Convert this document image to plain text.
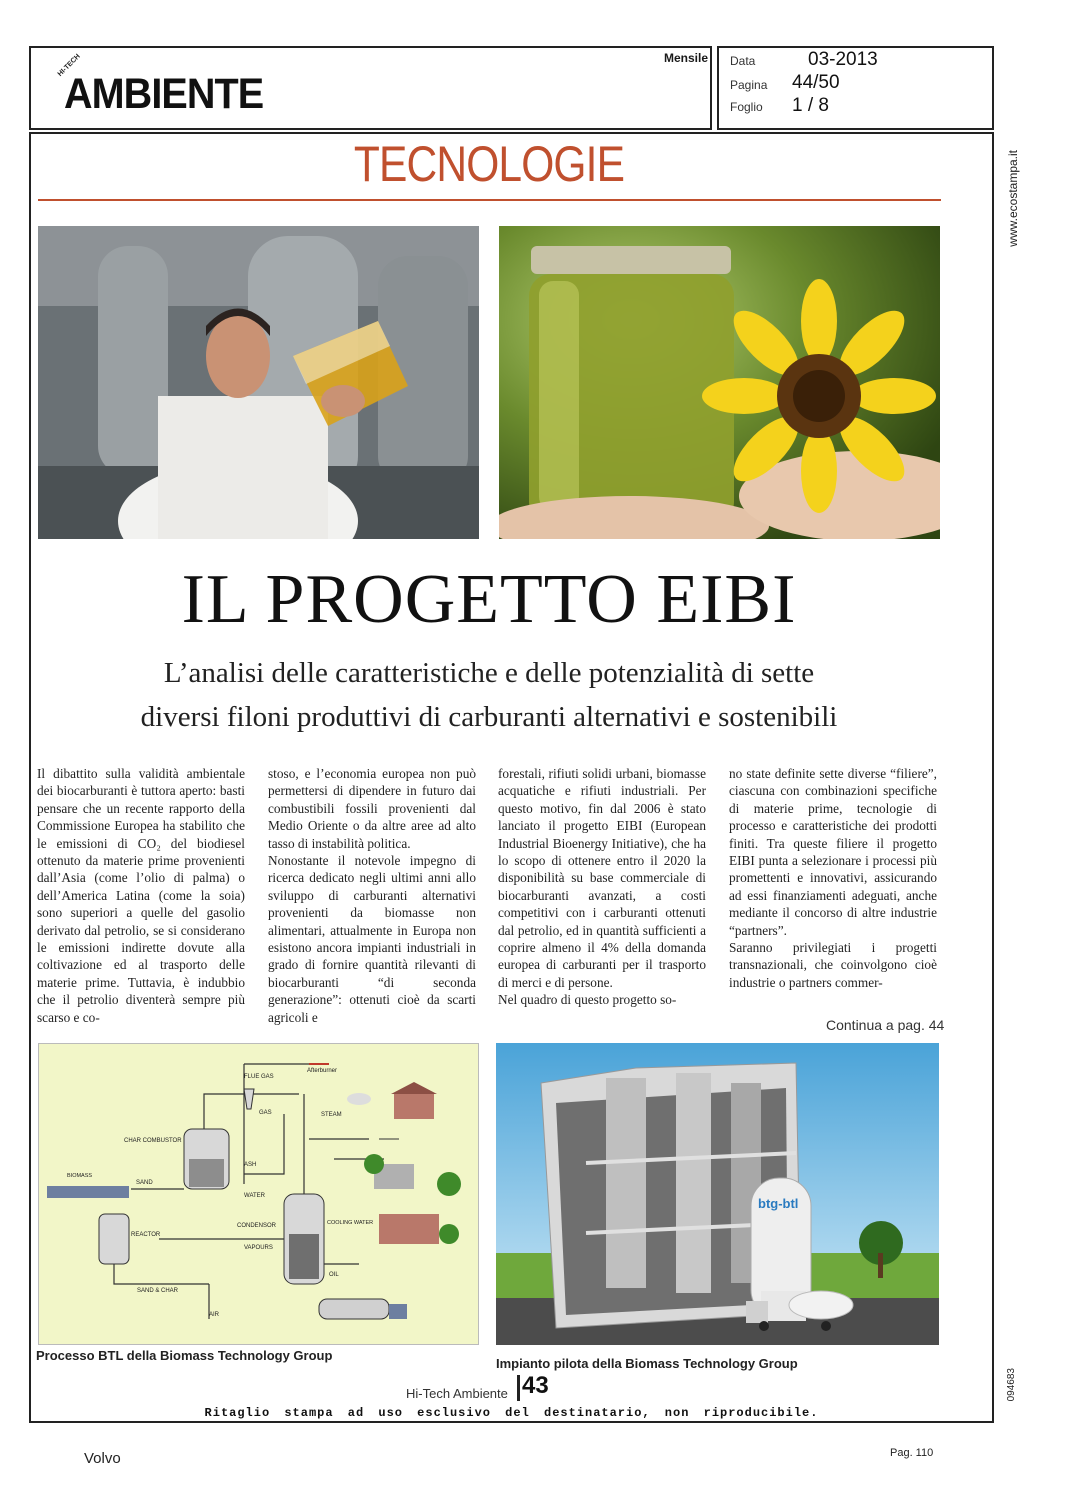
HI-TECH
AMBIENTE
Mensile Data	03-2013
Pagina 44/50
Foglio 1 / 8
www.ecostampa.it
094683
TECNOLOGIE
IL PROGETTO EIBI
L’analisi delle caratteristiche e delle potenzialità di sette
diversi filoni produttivi di carburanti alternativi e sostenibili
Il dibattito sulla validità ambientale dei biocarburanti è tuttora aperto: basti pensare che un recente rapporto della Commissione Europea ha stabilito che le emissioni di CO₂ del biodiesel ottenuto da materie prime provenienti dall’Asia (come l’olio di palma) o dell’America Latina (come la soia) sono superiori a quelle del gasolio derivato dal petrolio, se si considerano le emissioni indirette dovute alla coltivazione ed al trasporto delle materie prime. Tuttavia, è indubbio che il petrolio diventerà sempre più scarso e co-
stoso, e l’economia europea non può permettersi di dipendere in futuro dai combustibili fossili provenienti dal Medio Oriente o da altre aree ad alto tasso di instabilità politica.
Nonostante il notevole impegno di ricerca dedicato negli ultimi anni allo sviluppo di carburanti alternativi provenienti da biomasse non alimentari, attualmente in Europa non esistono ancora impianti industriali in grado di fornire quantità rilevanti di biocarburanti “di seconda generazione”: ottenuti cioè da scarti agricoli e
forestali, rifiuti solidi urbani, biomasse acquatiche e rifiuti industriali. Per questo motivo, fin dal 2006 è stato lanciato il progetto EIBI (European Industrial Bioenergy Initiative), che ha lo scopo di ottenere entro il 2020 la disponibilità su base commerciale di biocarburanti avanzati, a costi competitivi con i carburanti ottenuti dal petrolio, ed in quantità sufficienti a coprire almeno il 4% della domanda europea di carburanti per il trasporto di merci e di persone.
Nel quadro di questo progetto so-
no state definite sette diverse “filiere”, ciascuna con combinazioni specifiche di materie prime, tecnologie di processo e caratteristiche dei prodotti finiti. Tra queste filiere il progetto EIBI punta a selezionare i processi più promettenti e innovativi, assicurando ad essi finanziamenti adeguati, anche mediante il concorso di altre industrie “partners”.
Saranno privilegiati i progetti transnazionali, che coinvolgono cioè industrie o partners commer-
Continua a pag. 44
FLUE GAS
Afterburner
GAS	STEAM
CHAR COMBUSTOR
BIOMASS
SAND
ASH
WATER
REACTOR
CONDENSOR	COOLING WATER
VAPOURS
SAND & CHAR
OIL
AIR
btg-btl
Processo BTL della Biomass Technology Group
Impianto pilota della Biomass Technology Group
Hi-Tech Ambiente 43
Ritaglio stampa ad uso esclusivo del destinatario, non riproducibile.
Volvo	Pag. 110
